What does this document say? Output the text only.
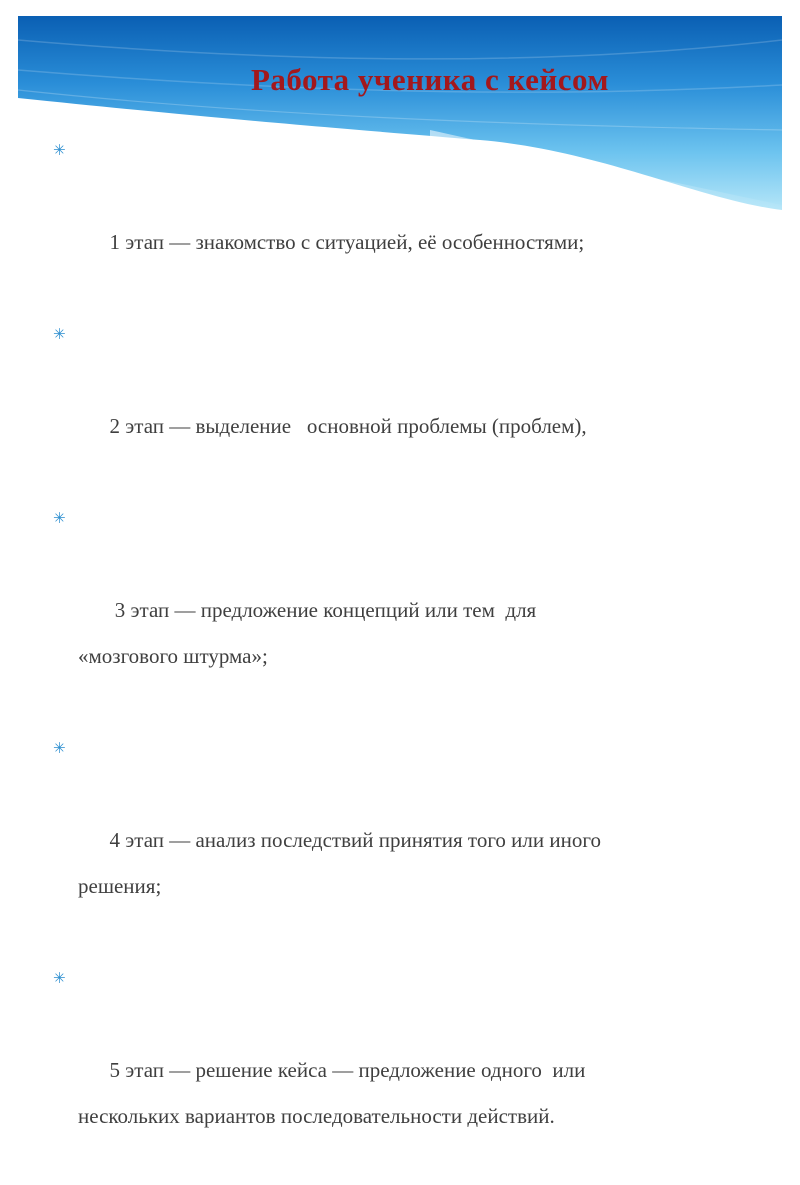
Работа ученика с кейсом

✳

1 этап — знакомство с ситуацией, её особенностями;

✳

2 этап — выделение   основной проблемы (проблем),

✳

3 этап — предложение концепций или тем  для
«мозгового штурма»;

✳

4 этап — анализ последствий принятия того или иного
решения;

✳

5 этап — решение кейса — предложение одного  или
нескольких вариантов последовательности действий.
